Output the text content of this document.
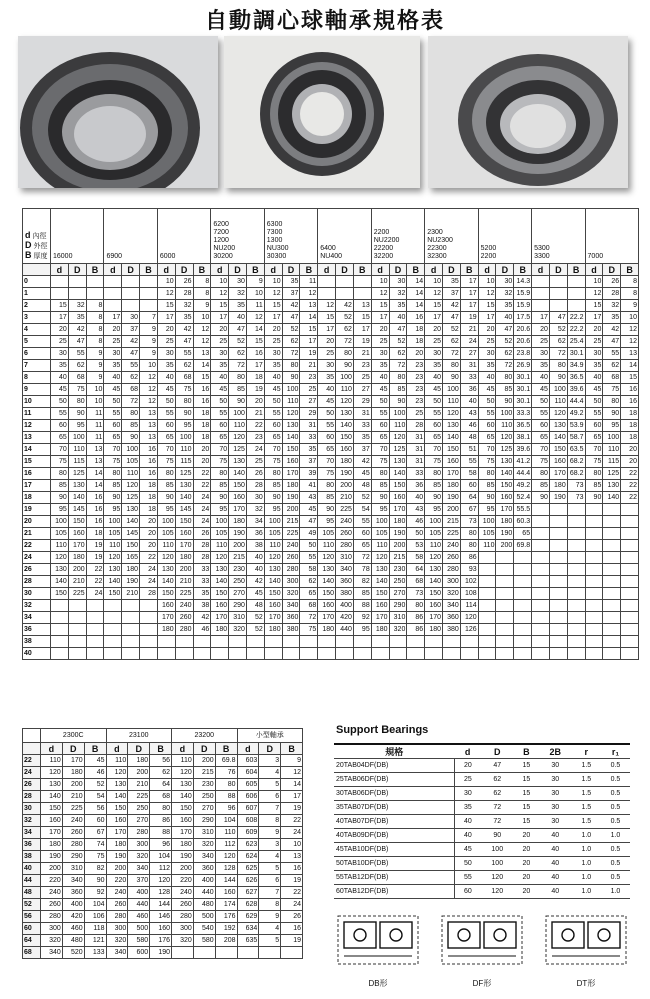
自動調心球軸承規格表
d 內徑 D 外徑 B 厚度	16000			6900			6000			6200
7200
1200
NU200
30200			6300
7300
1300
NU300
30300			6400
NU400			2200
NU2200
22200
32200			2300
NU2300
22300
32300			5200
2200			5300
3300			7000		
	d	D	B	d	D	B	d	D	B	d	D	B	d	D	B	d	D	B	d	D	B	d	D	B	d	D	B	d	D	B	d	D	B
0							10	26	8	10	30	9	10	35	11				10	30	14	10	35	17	10	30	14.3				10	26	8
1							12	28	8	12	32	10	12	37	12				12	32	14	12	37	17	12	32	15.9				12	28	8
2	15	32	8				15	32	9	15	35	11	15	42	13	12	42	13	15	35	14	15	42	17	15	35	15.9				15	32	9
3	17	35	8	17	30	7	17	35	10	17	40	12	17	47	14	15	52	15	17	40	16	17	47	19	17	40	17.5	17	47	22.2	17	35	10
4	20	42	8	20	37	9	20	42	12	20	47	14	20	52	15	17	62	17	20	47	18	20	52	21	20	47	20.6	20	52	22.2	20	42	12
5	25	47	8	25	42	9	25	47	12	25	52	15	25	62	17	20	72	19	25	52	18	25	62	24	25	52	20.6	25	62	25.4	25	47	12
6	30	55	9	30	47	9	30	55	13	30	62	16	30	72	19	25	80	21	30	62	20	30	72	27	30	62	23.8	30	72	30.1	30	55	13
7	35	62	9	35	55	10	35	62	14	35	72	17	35	80	21	30	90	23	35	72	23	35	80	31	35	72	26.9	35	80	34.9	35	62	14
8	40	68	9	40	62	12	40	68	15	40	80	18	40	90	23	35	100	25	40	80	23	40	90	33	40	80	30.1	40	90	36.5	40	68	15
9	45	75	10	45	68	12	45	75	16	45	85	19	45	100	25	40	110	27	45	85	23	45	100	36	45	85	30.1	45	100	39.6	45	75	16
10	50	80	10	50	72	12	50	80	16	50	90	20	50	110	27	45	120	29	50	90	23	50	110	40	50	90	30.1	50	110	44.4	50	80	16
11	55	90	11	55	80	13	55	90	18	55	100	21	55	120	29	50	130	31	55	100	25	55	120	43	55	100	33.3	55	120	49.2	55	90	18
12	60	95	11	60	85	13	60	95	18	60	110	22	60	130	31	55	140	33	60	110	28	60	130	46	60	110	36.5	60	130	53.9	60	95	18
13	65	100	11	65	90	13	65	100	18	65	120	23	65	140	33	60	150	35	65	120	31	65	140	48	65	120	38.1	65	140	58.7	65	100	18
14	70	110	13	70	100	16	70	110	20	70	125	24	70	150	35	65	160	37	70	125	31	70	150	51	70	125	39.6	70	150	63.5	70	110	20
15	75	115	13	75	105	16	75	115	20	75	130	25	75	160	37	70	180	42	75	130	31	75	160	55	75	130	41.2	75	160	68.2	75	115	20
16	80	125	14	80	110	16	80	125	22	80	140	26	80	170	39	75	190	45	80	140	33	80	170	58	80	140	44.4	80	170	68.2	80	125	22
17	85	130	14	85	120	18	85	130	22	85	150	28	85	180	41	80	200	48	85	150	36	85	180	60	85	150	49.2	85	180	73	85	130	22
18	90	140	16	90	125	18	90	140	24	90	160	30	90	190	43	85	210	52	90	160	40	90	190	64	90	160	52.4	90	190	73	90	140	22
19	95	145	16	95	130	18	95	145	24	95	170	32	95	200	45	90	225	54	95	170	43	95	200	67	95	170	55.5						
20	100	150	16	100	140	20	100	150	24	100	180	34	100	215	47	95	240	55	100	180	46	100	215	73	100	180	60.3						
21	105	160	18	105	145	20	105	160	26	105	190	36	105	225	49	105	260	60	105	190	50	105	225	80	105	190	65						
22	110	170	19	110	150	20	110	170	28	110	200	38	110	240	50	110	280	65	110	200	53	110	240	80	110	200	69.8						
24	120	180	19	120	165	22	120	180	28	120	215	40	120	260	55	120	310	72	120	215	58	120	260	86									
26	130	200	22	130	180	24	130	200	33	130	230	40	130	280	58	130	340	78	130	230	64	130	280	93									
28	140	210	22	140	190	24	140	210	33	140	250	42	140	300	62	140	360	82	140	250	68	140	300	102									
30	150	225	24	150	210	28	150	225	35	150	270	45	150	320	65	150	380	85	150	270	73	150	320	108									
32							160	240	38	160	290	48	160	340	68	160	400	88	160	290	80	160	340	114									
34							170	260	42	170	310	52	170	360	72	170	420	92	170	310	86	170	360	120									
36							180	280	46	180	320	52	180	380	75	180	440	95	180	320	86	180	380	126									
38																																	
40																																	
	2300C			23100			23200			小型軸承			
	d	D	B	d	D	B	d	D	B	d	D	B	
22	110	170	45	110	180	56	110	200	69.8	603	3	9	
24	120	180	46	120	200	62	120	215	76	604	4	12	
26	130	200	52	130	210	64	130	230	80	605	5	14	
28	140	210	54	140	225	68	140	250	88	606	6	17	
30	150	225	56	150	250	80	150	270	96	607	7	19	
32	160	240	60	160	270	86	160	290	104	608	8	22	
34	170	260	67	170	280	88	170	310	110	609	9	24	
36	180	280	74	180	300	96	180	320	112	623	3	10	
38	190	290	75	190	320	104	190	340	120	624	4	13	
40	200	310	82	200	340	112	200	360	128	625	5	16	
44	220	340	90	220	370	120	220	400	144	626	6	19	
48	240	360	92	240	400	128	240	440	160	627	7	22	
52	260	400	104	260	440	144	260	480	174	628	8	24	
56	280	420	106	280	460	146	280	500	176	629	9	26	
60	300	460	118	300	500	160	300	540	192	634	4	16	
64	320	480	121	320	580	176	320	580	208	635	5	19	
68	340	520	133	340	600	190							
Support Bearings
規格	d	D	B	2B	r	r₁
20TAB04DF(DB)	20	47	15	30	1.5	0.5
25TAB06DF(DB)	25	62	15	30	1.5	0.5
30TAB06DF(DB)	30	62	15	30	1.5	0.5
35TAB07DF(DB)	35	72	15	30	1.5	0.5
40TAB07DF(DB)	40	72	15	30	1.5	0.5
40TAB09DF(DB)	40	90	20	40	1.0	1.0
45TAB10DF(DB)	45	100	20	40	1.0	0.5
50TAB10DF(DB)	50	100	20	40	1.0	0.5
55TAB12DF(DB)	55	120	20	40	1.0	0.5
60TAB12DF(DB)	60	120	20	40	1.0	1.0
DB形	DF形	DT形
